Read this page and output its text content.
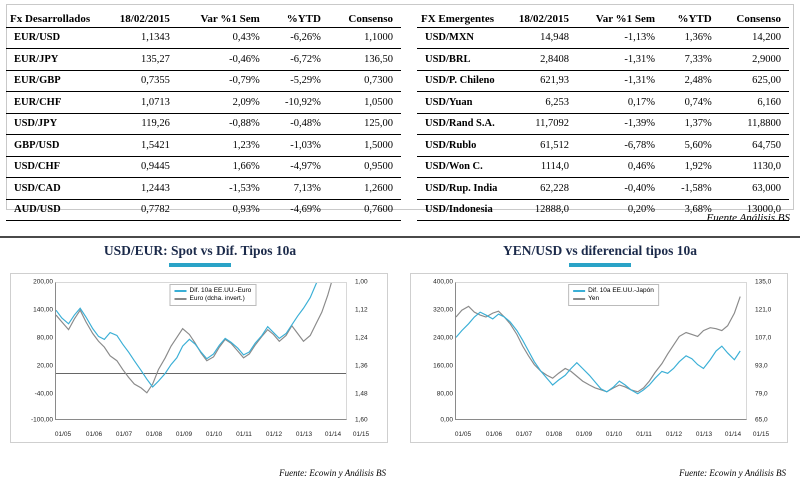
Fx Desarrollados	18/02/2015	Var %1 Sem	%YTD	Consenso
EUR/USD	1,1343	0,43%	-6,26%	1,1000
EUR/JPY	135,27	-0,46%	-6,72%	136,50
EUR/GBP	0,7355	-0,79%	-5,29%	0,7300
EUR/CHF	1,0713	2,09%	-10,92%	1,0500
USD/JPY	119,26	-0,88%	-0,48%	125,00
GBP/USD	1,5421	1,23%	-1,03%	1,5000
USD/CHF	0,9445	1,66%	-4,97%	0,9500
USD/CAD	1,2443	-1,53%	7,13%	1,2600
AUD/USD	0,7782	0,93%	-4,69%	0,7600
FX Emergentes	18/02/2015	Var %1 Sem	%YTD	Consenso
USD/MXN	14,948	-1,13%	1,36%	14,200
USD/BRL	2,8408	-1,31%	7,33%	2,9000
USD/P. Chileno	621,93	-1,31%	2,48%	625,00
USD/Yuan	6,253	0,17%	0,74%	6,160
USD/Rand S.A.	11,7092	-1,39%	1,37%	11,8800
USD/Rublo	61,512	-6,78%	5,60%	64,750
USD/Won C.	1114,0	0,46%	1,92%	1130,0
USD/Rup. India	62,228	-0,40%	-1,58%	63,000
USD/Indonesia	12888,0	0,20%	3,68%	13000,0
Fuente Análisis BS
USD/EUR: Spot vs Dif. Tipos 10a
200,00
140,00
80,00
20,00
-40,00
-100,00
1,00
1,12
1,24
1,36
1,48
1,60
Dif. 10a EE.UU.-Euro
Euro (dcha. invert.)
01/05 01/06 01/07 01/08 01/09 01/10 01/11 01/12 01/13 01/14 01/15
Fuente: Ecowin y Análisis BS
YEN/USD vs diferencial tipos 10a
400,00
320,00
240,00
160,00
80,00
0,00
135,0
121,0
107,0
93,0
79,0
65,0
Dif. 10a EE.UU.-Japón
Yen
01/05 01/06 01/07 01/08 01/09 01/10 01/11 01/12 01/13 01/14 01/15
Fuente: Ecowin y Análisis BS
